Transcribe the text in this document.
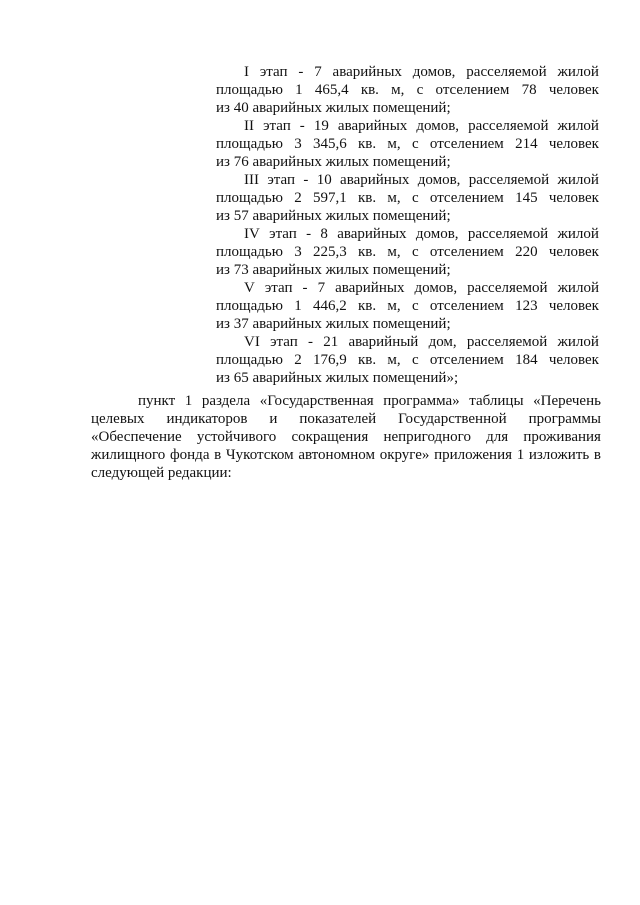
I этап - 7 аварийных домов, расселяемой жилой
площадью 1 465,4 кв. м, с отселением 78 человек
из 40 аварийных жилых помещений;
II этап - 19 аварийных домов, расселяемой жилой
площадью 3 345,6 кв. м, с отселением 214 человек
из 76 аварийных жилых помещений;
III этап - 10 аварийных домов, расселяемой жилой
площадью 2 597,1 кв. м, с отселением 145 человек
из 57 аварийных жилых помещений;
IV этап - 8 аварийных домов, расселяемой жилой
площадью 3 225,3 кв. м, с отселением 220 человек
из 73 аварийных жилых помещений;
V этап - 7 аварийных домов, расселяемой жилой
площадью 1 446,2 кв. м, с отселением 123 человек
из 37 аварийных жилых помещений;
VI этап - 21 аварийный дом, расселяемой жилой
площадью 2 176,9 кв. м, с отселением 184 человек
из 65 аварийных жилых помещений»;
пункт 1 раздела «Государственная программа» таблицы «Перечень
целевых индикаторов и показателей Государственной программы
«Обеспечение устойчивого сокращения непригодного для проживания
жилищного фонда в Чукотском автономном округе» приложения 1 изложить в
следующей редакции:
